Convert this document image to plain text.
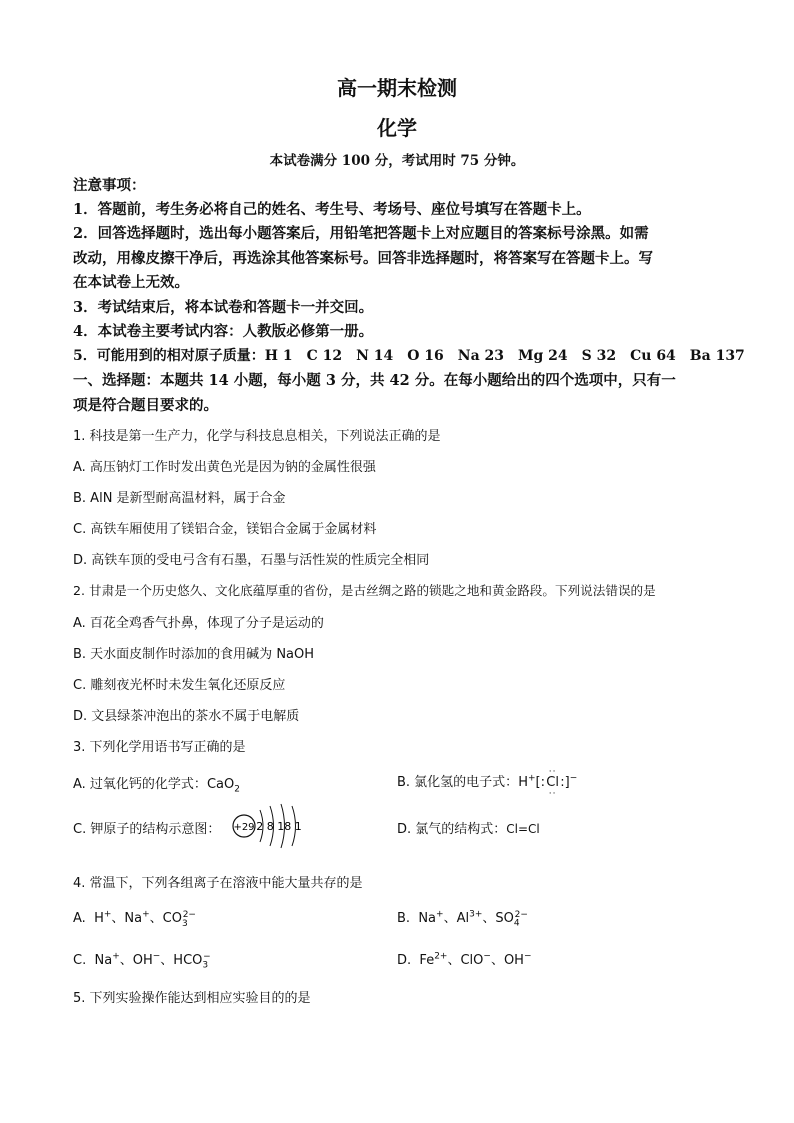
高一期末检测
化学
本试卷满分 100 分，考试用时 75 分钟。
注意事项：
1．答题前，考生务必将自己的姓名、考生号、考场号、座位号填写在答题卡上。
2．回答选择题时，选出每小题答案后，用铅笔把答题卡上对应题目的答案标号涂黑。如需
改动，用橡皮擦干净后，再选涂其他答案标号。回答非选择题时，将答案写在答题卡上。写
在本试卷上无效。
3．考试结束后，将本试卷和答题卡一并交回。
4．本试卷主要考试内容：人教版必修第一册。
5．可能用到的相对原子质量：H 1　C 12　N 14　O 16　Na 23　Mg 24　S 32　Cu 64　Ba 137
一、选择题：本题共 14 小题，每小题 3 分，共 42 分。在每小题给出的四个选项中，只有一
项是符合题目要求的。
1. 科技是第一生产力，化学与科技息息相关，下列说法正确的是
A. 高压钠灯工作时发出黄色光是因为钠的金属性很强
B. AlN 是新型耐高温材料，属于合金
C. 高铁车厢使用了镁铝合金，镁铝合金属于金属材料
D. 高铁车顶的受电弓含有石墨，石墨与活性炭的性质完全相同
2. 甘肃是一个历史悠久、文化底蕴厚重的省份，是古丝绸之路的锁匙之地和黄金路段。下列说法错误的是
A. 百花全鸡香气扑鼻，体现了分子是运动的
B. 天水面皮制作时添加的食用碱为 NaOH
C. 雕刻夜光杯时未发生氧化还原反应
D. 文县绿茶冲泡出的茶水不属于电解质
3. 下列化学用语书写正确的是
A. 过氧化钙的化学式：CaO$_2$	B. 氯化氢的电子式：H+[
··
: Cl :
··
]−
C. 钾原子的结构示意图： +29 2 8 18 1	D. 氯气的结构式：Cl=Cl
4. 常温下，下列各组离子在溶液中能大量共存的是
A.  H+、Na+、$CO_3^{2-}$	B.  Na+、$Al^{3+}$、$SO_4^{2-}$
C.  Na+、OH−、$HCO_3^-$	D.  $Fe^{2+}$、ClO−、OH−
5. 下列实验操作能达到相应实验目的的是
